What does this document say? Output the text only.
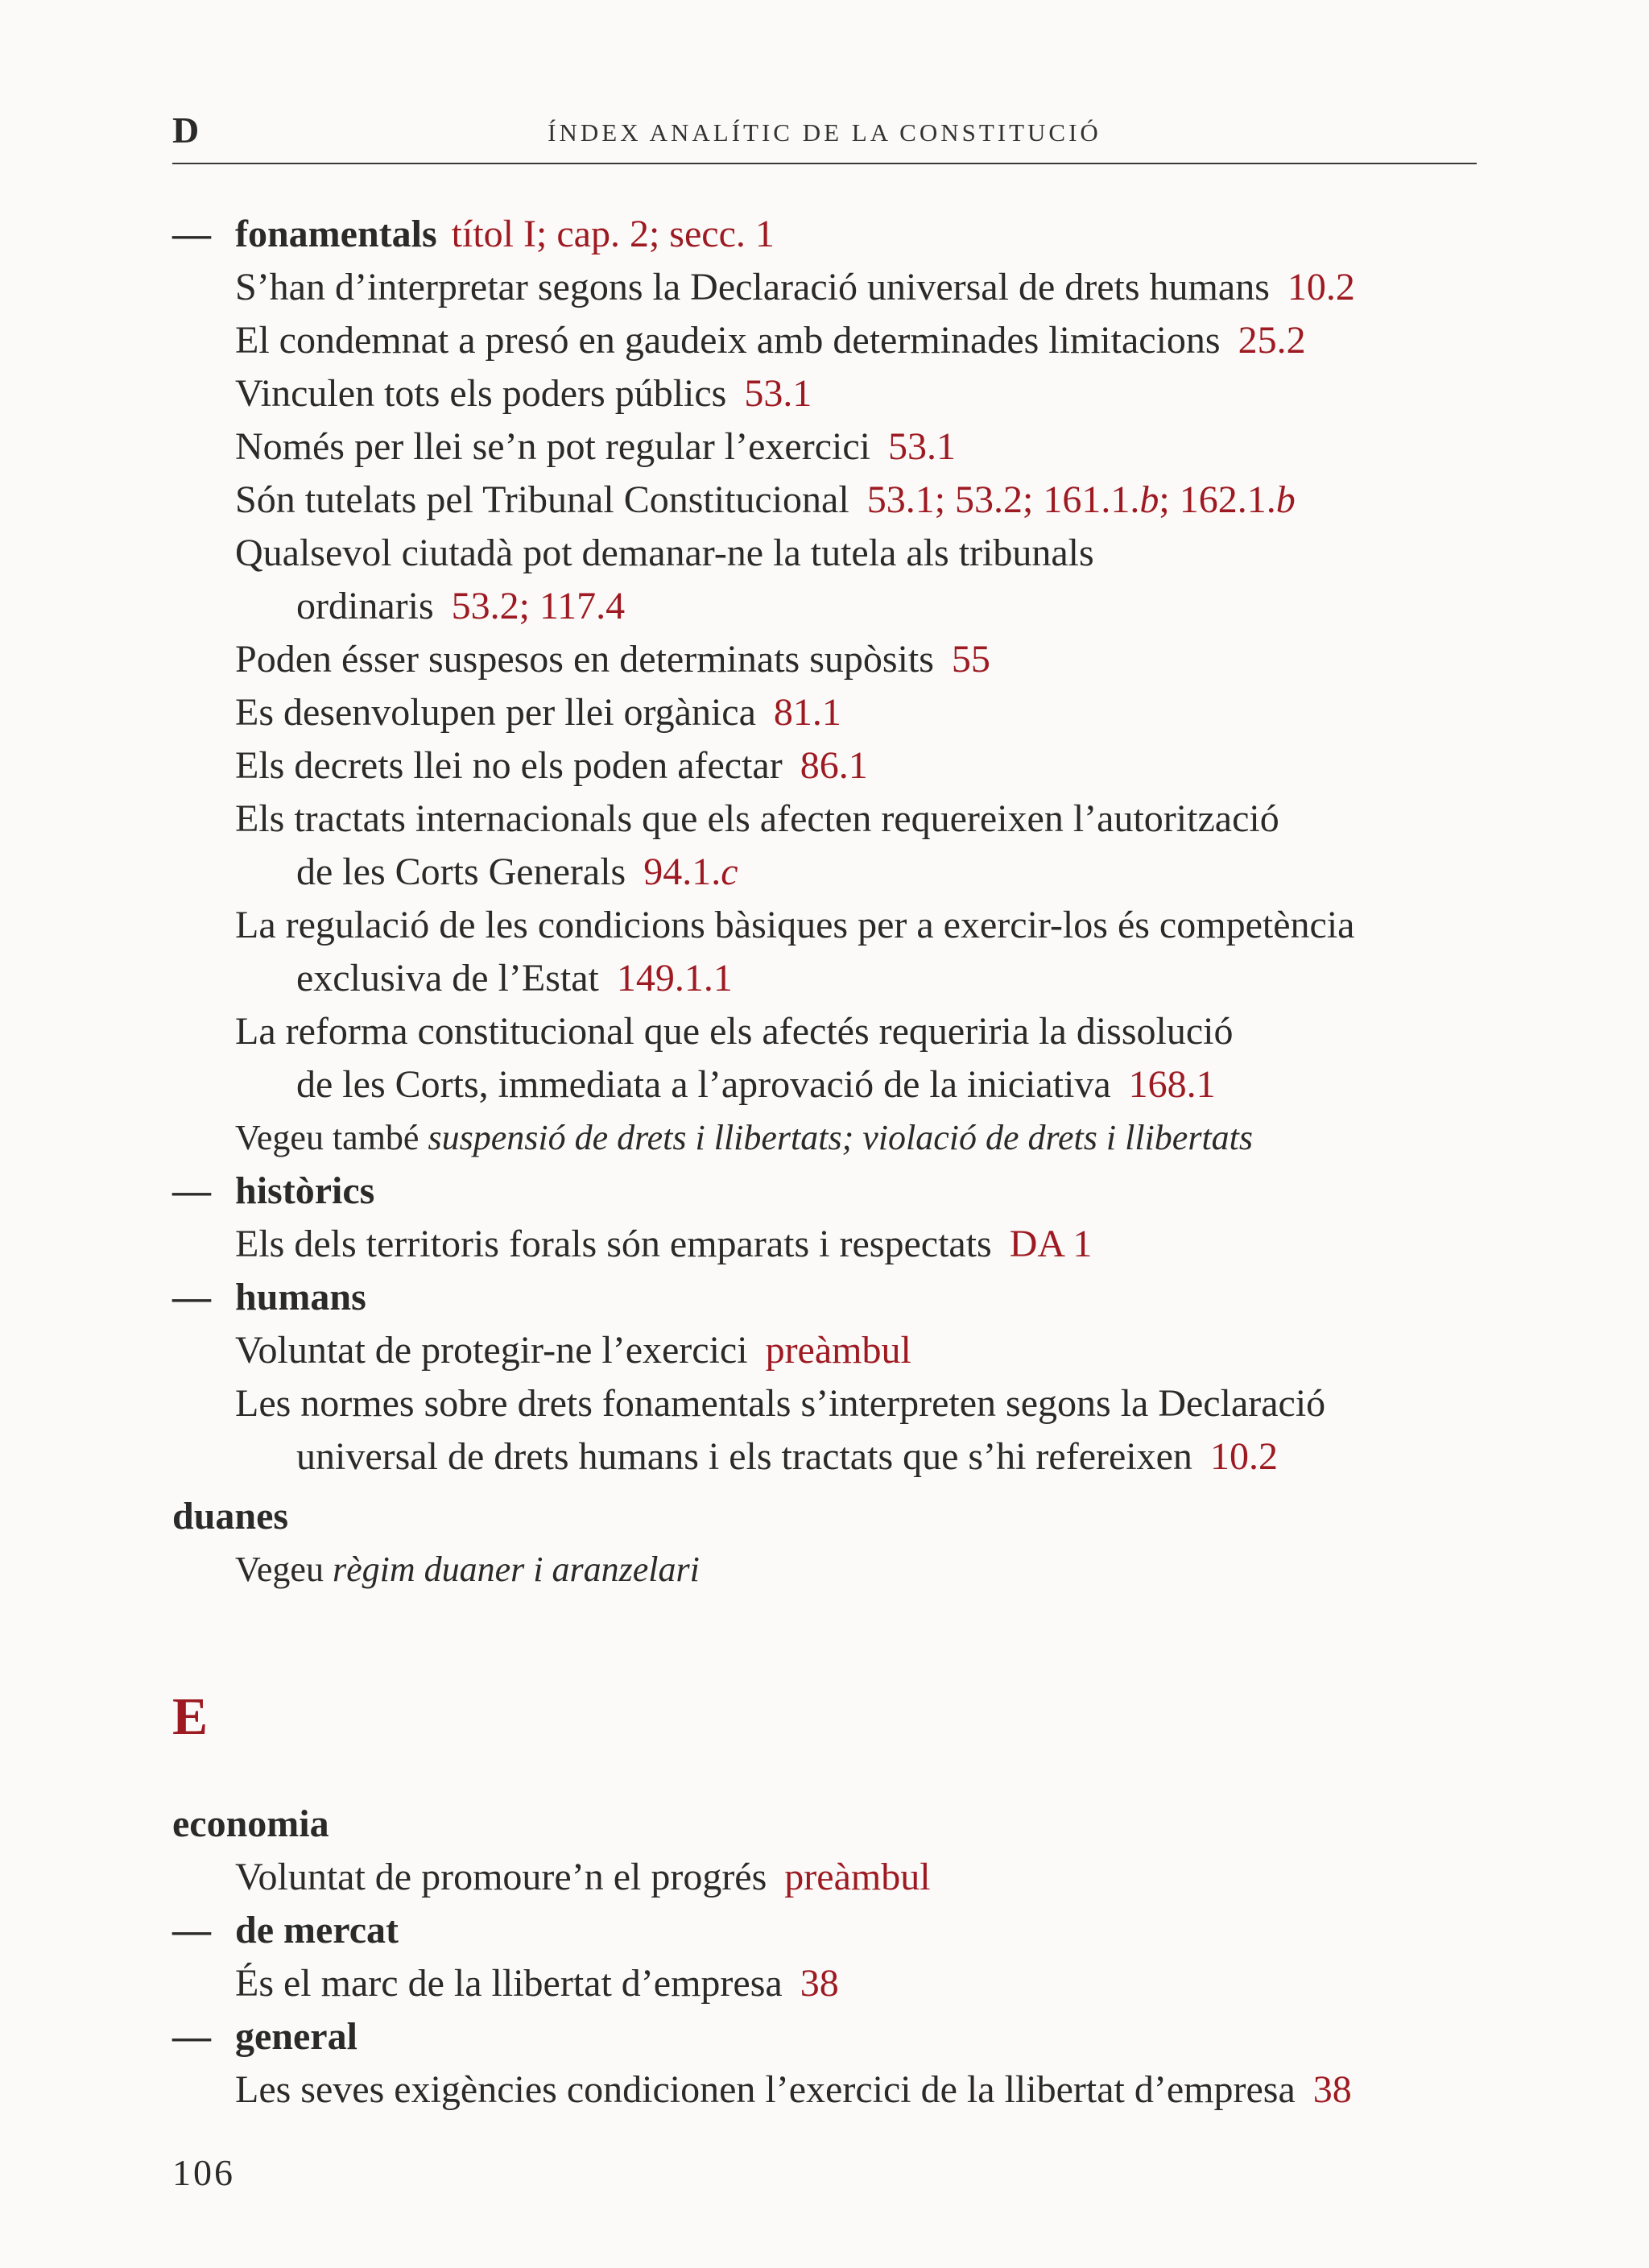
D	ÍNDEX ANALÍTIC DE LA CONSTITUCIÓ
— fonamentals títol I; cap. 2; secc. 1
S’han d’interpretar segons la Declaració universal de drets humans 10.2
El condemnat a presó en gaudeix amb determinades limitacions 25.2
Vinculen tots els poders públics 53.1
Només per llei se’n pot regular l’exercici 53.1
Són tutelats pel Tribunal Constitucional 53.1; 53.2; 161.1.b; 162.1.b
Qualsevol ciutadà pot demanar-ne la tutela als tribunals
ordinaris 53.2; 117.4
Poden ésser suspesos en determinats supòsits 55
Es desenvolupen per llei orgànica 81.1
Els decrets llei no els poden afectar 86.1
Els tractats internacionals que els afecten requereixen l’autorització
de les Corts Generals 94.1.c
La regulació de les condicions bàsiques per a exercir-los és competència
exclusiva de l’Estat 149.1.1
La reforma constitucional que els afectés requeriria la dissolució
de les Corts, immediata a l’aprovació de la iniciativa 168.1
Vegeu també suspensió de drets i llibertats; violació de drets i llibertats
— històrics
Els dels territoris forals són emparats i respectats DA 1
— humans
Voluntat de protegir-ne l’exercici preàmbul
Les normes sobre drets fonamentals s’interpreten segons la Declaració
universal de drets humans i els tractats que s’hi refereixen 10.2
duanes
Vegeu règim duaner i aranzelari
E
economia
Voluntat de promoure’n el progrés preàmbul
— de mercat
És el marc de la llibertat d’empresa 38
— general
Les seves exigències condicionen l’exercici de la llibertat d’empresa 38
106
